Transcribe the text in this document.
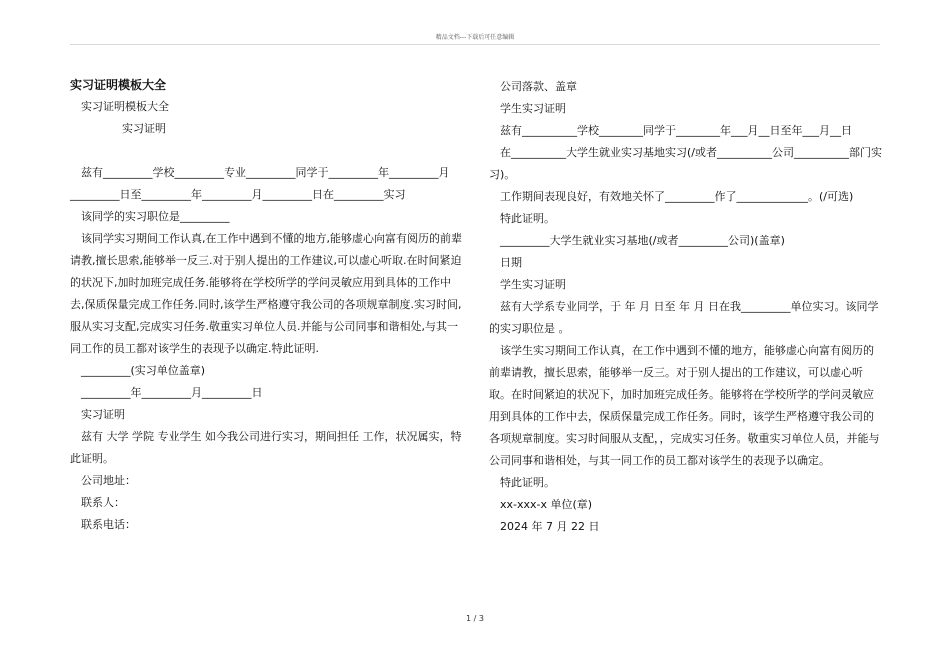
精品文档---下载后可任意编辑

实习证明模板大全

实习证明模板大全

实习证明

兹有_________学校_________专业_________同学于_________年_________月_________日至_________年_________月_________日在_________实习

该同学的实习职位是_________

该同学实习期间工作认真,在工作中遇到不懂的地方,能够虚心向富有阅历的前辈请教,擅长思索,能够举一反三.对于别人提出的工作建议,可以虚心听取.在时间紧迫的状况下,加时加班完成任务.能够将在学校所学的学问灵敏应用到具体的工作中去,保质保量完成工作任务.同时,该学生严格遵守我公司的各项规章制度.实习时间,服从实习支配,完成实习任务.敬重实习单位人员.并能与公司同事和谐相处,与其一同工作的员工都对该学生的表现予以确定.特此证明.

_________(实习单位盖章)

_________年_________月_________日

实习证明

兹有 大学 学院 专业学生 如今我公司进行实习，期间担任 工作，状况属实，特此证明。

公司地址：

联系人：

联系电话：

公司落款、盖章

学生实习证明

兹有__________学校________同学于________年___月__日至年___月__日

在__________大学生就业实习基地实习(/或者__________公司__________部门实习)。

工作期间表现良好，有效地关怀了_________作了_____________。(/可选)

特此证明。

_________大学生就业实习基地(/或者_________公司)(盖章)

日期

学生实习证明

兹有大学系专业同学，于 年 月 日至 年 月 日在我_________单位实习。该同学的实习职位是 。

该学生实习期间工作认真，在工作中遇到不懂的地方，能够虚心向富有阅历的前辈请教，擅长思索，能够举一反三。对于别人提出的工作建议，可以虚心听取。在时间紧迫的状况下，加时加班完成任务。能够将在学校所学的学问灵敏应用到具体的工作中去，保质保量完成工作任务。同时，该学生严格遵守我公司的各项规章制度。实习时间服从支配，，完成实习任务。敬重实习单位人员，并能与公司同事和谐相处，与其一同工作的员工都对该学生的表现予以确定。

特此证明。

xx-xxx-x 单位(章)

2024 年 7 月 22 日

1 / 3
